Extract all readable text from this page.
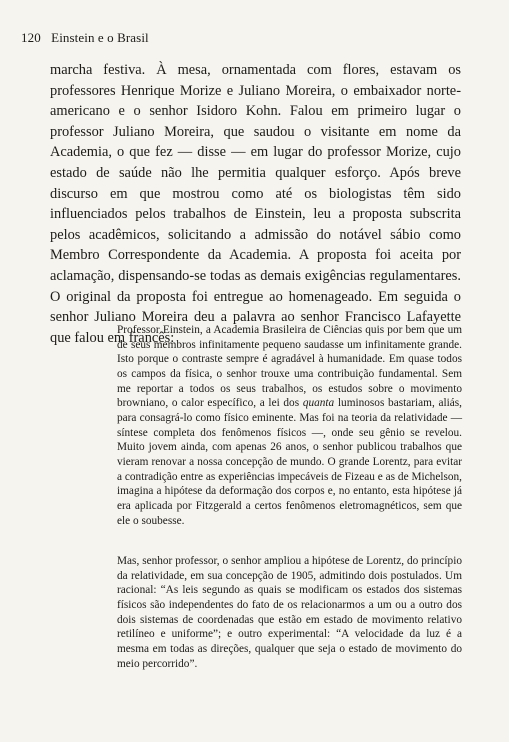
120 Einstein e o Brasil

marcha festiva. À mesa, ornamentada com flores, estavam os professores Henrique Morize e Juliano Moreira, o embaixador norte-americano e o senhor Isidoro Kohn. Falou em primeiro lugar o professor Juliano Moreira, que saudou o visitante em nome da Academia, o que fez — disse — em lugar do professor Morize, cujo estado de saúde não lhe permitia qualquer esforço. Após breve discurso em que mostrou como até os biologistas têm sido influenciados pelos trabalhos de Einstein, leu a proposta subscrita pelos acadêmicos, solicitando a admissão do notável sábio como Membro Correspondente da Academia. A proposta foi aceita por aclamação, dispensando-se todas as demais exigências regulamentares. O original da proposta foi entregue ao homenageado. Em seguida o senhor Juliano Moreira deu a palavra ao senhor Francisco Lafayette que falou em francês:

Professor Einstein, a Academia Brasileira de Ciências quis por bem que um de seus membros infinitamente pequeno saudasse um infinitamente grande. Isto porque o contraste sempre é agradável à humanidade. Em quase todos os campos da física, o senhor trouxe uma contribuição fundamental. Sem me reportar a todos os seus trabalhos, os estudos sobre o movimento browniano, o calor específico, a lei dos quanta luminosos bastariam, aliás, para consagrá-lo como físico eminente. Mas foi na teoria da relatividade — síntese completa dos fenômenos físicos —, onde seu gênio se revelou. Muito jovem ainda, com apenas 26 anos, o senhor publicou trabalhos que vieram renovar a nossa concepção de mundo. O grande Lorentz, para evitar a contradição entre as experiências impecáveis de Fizeau e as de Michelson, imagina a hipótese da deformação dos corpos e, no entanto, esta hipótese já era aplicada por Fitzgerald a certos fenômenos eletromagnéticos, sem que ele o soubesse.

Mas, senhor professor, o senhor ampliou a hipótese de Lorentz, do princípio da relatividade, em sua concepção de 1905, admitindo dois postulados. Um racional: “As leis segundo as quais se modificam os estados dos sistemas físicos são independentes do fato de os relacionarmos a um ou a outro dos dois sistemas de coordenadas que estão em estado de movimento relativo retilíneo e uniforme”; e outro experimental: “A velocidade da luz é a mesma em todas as direções, qualquer que seja o estado de movimento do meio percorrido”.
